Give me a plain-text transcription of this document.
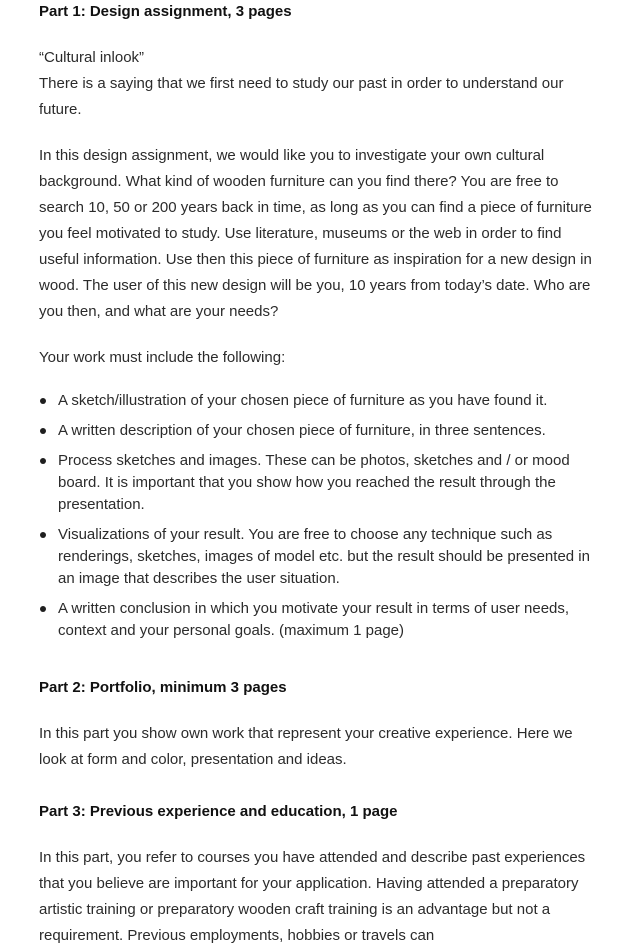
Part 1: Design assignment, 3 pages

“Cultural inlook”

There is a saying that we first need to study our past in order to understand our future.

In this design assignment, we would like you to investigate your own cultural background. What kind of wooden furniture can you find there? You are free to search 10, 50 or 200 years back in time, as long as you can find a piece of furniture you feel motivated to study. Use literature, museums or the web in order to find useful information. Use then this piece of furniture as inspiration for a new design in wood. The user of this new design will be you, 10 years from today’s date. Who are you then, and what are your needs?

Your work must include the following:

A sketch/illustration of your chosen piece of furniture as you have found it.
A written description of your chosen piece of furniture, in three sentences.
Process sketches and images. These can be photos, sketches and / or mood board. It is important that you show how you reached the result through the presentation.
Visualizations of your result. You are free to choose any technique such as renderings, sketches, images of model etc. but the result should be presented in an image that describes the user situation.
A written conclusion in which you motivate your result in terms of user needs, context and your personal goals. (maximum 1 page)
Part 2: Portfolio, minimum 3 pages

In this part you show own work that represent your creative experience. Here we look at form and color, presentation and ideas.

Part 3: Previous experience and education, 1 page

In this part, you refer to courses you have attended and describe past experiences that you believe are important for your application. Having attended a preparatory artistic training or preparatory wooden craft training is an advantage but not a requirement. Previous employments, hobbies or travels can
